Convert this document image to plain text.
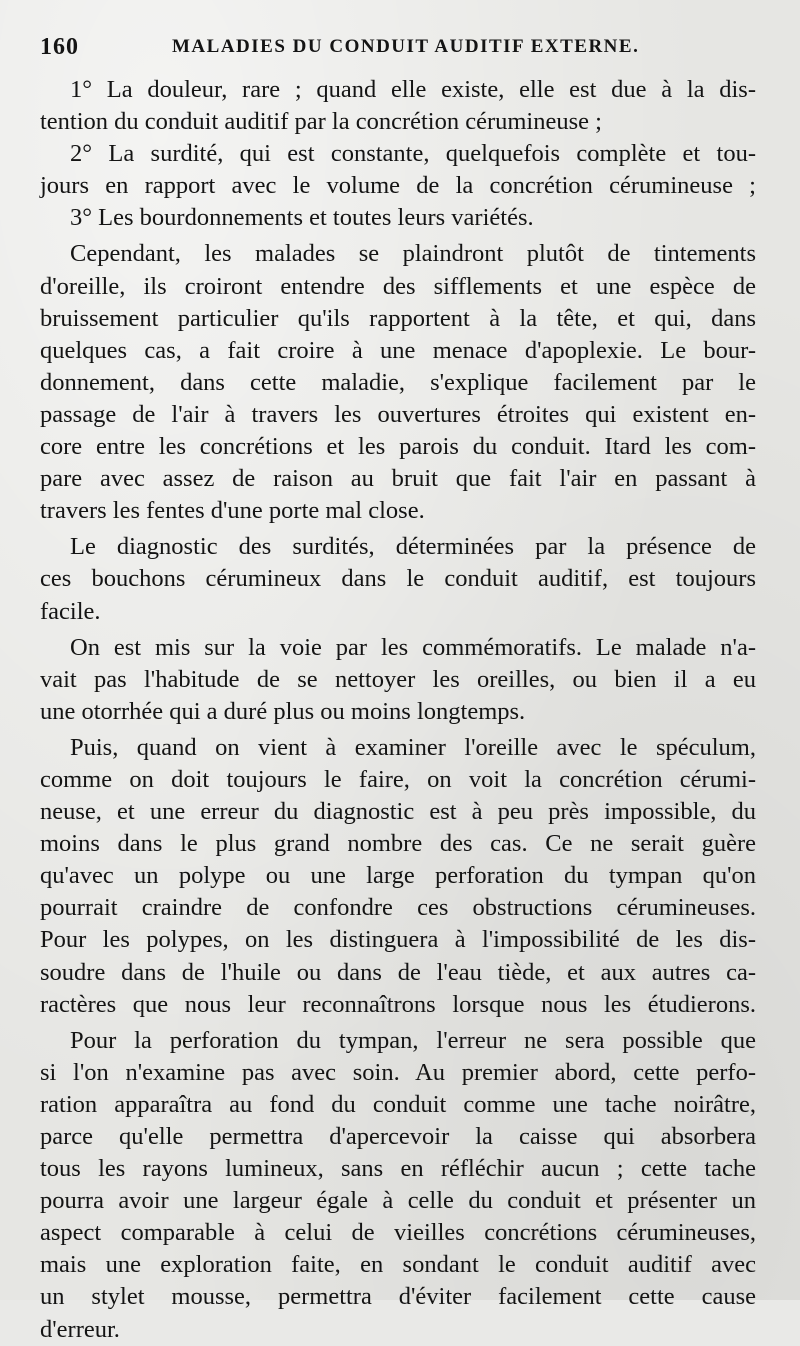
160	MALADIES DU CONDUIT AUDITIF EXTERNE.
1° La douleur, rare ; quand elle existe, elle est due à la dis-
tention du conduit auditif par la concrétion cérumineuse ;
2° La surdité, qui est constante, quelquefois complète et tou-
jours en rapport avec le volume de la concrétion cérumineuse ;
3° Les bourdonnements et toutes leurs variétés.
Cependant, les malades se plaindront plutôt de tintements
d'oreille, ils croiront entendre des sifflements et une espèce de
bruissement particulier qu'ils rapportent à la tête, et qui, dans
quelques cas, a fait croire à une menace d'apoplexie. Le bour-
donnement, dans cette maladie, s'explique facilement par le
passage de l'air à travers les ouvertures étroites qui existent en-
core entre les concrétions et les parois du conduit. Itard les com-
pare avec assez de raison au bruit que fait l'air en passant à
travers les fentes d'une porte mal close.
Le diagnostic des surdités, déterminées par la présence de
ces bouchons cérumineux dans le conduit auditif, est toujours
facile.
On est mis sur la voie par les commémoratifs. Le malade n'a-
vait pas l'habitude de se nettoyer les oreilles, ou bien il a eu
une otorrhée qui a duré plus ou moins longtemps.
Puis, quand on vient à examiner l'oreille avec le spéculum,
comme on doit toujours le faire, on voit la concrétion cérumi-
neuse, et une erreur du diagnostic est à peu près impossible, du
moins dans le plus grand nombre des cas. Ce ne serait guère
qu'avec un polype ou une large perforation du tympan qu'on
pourrait craindre de confondre ces obstructions cérumineuses.
Pour les polypes, on les distinguera à l'impossibilité de les dis-
soudre dans de l'huile ou dans de l'eau tiède, et aux autres ca-
ractères que nous leur reconnaîtrons lorsque nous les étudierons.
Pour la perforation du tympan, l'erreur ne sera possible que
si l'on n'examine pas avec soin. Au premier abord, cette perfo-
ration apparaîtra au fond du conduit comme une tache noirâtre,
parce qu'elle permettra d'apercevoir la caisse qui absorbera
tous les rayons lumineux, sans en réfléchir aucun ; cette tache
pourra avoir une largeur égale à celle du conduit et présenter un
aspect comparable à celui de vieilles concrétions cérumineuses,
mais une exploration faite, en sondant le conduit auditif avec
un stylet mousse, permettra d'éviter facilement cette cause
d'erreur.
